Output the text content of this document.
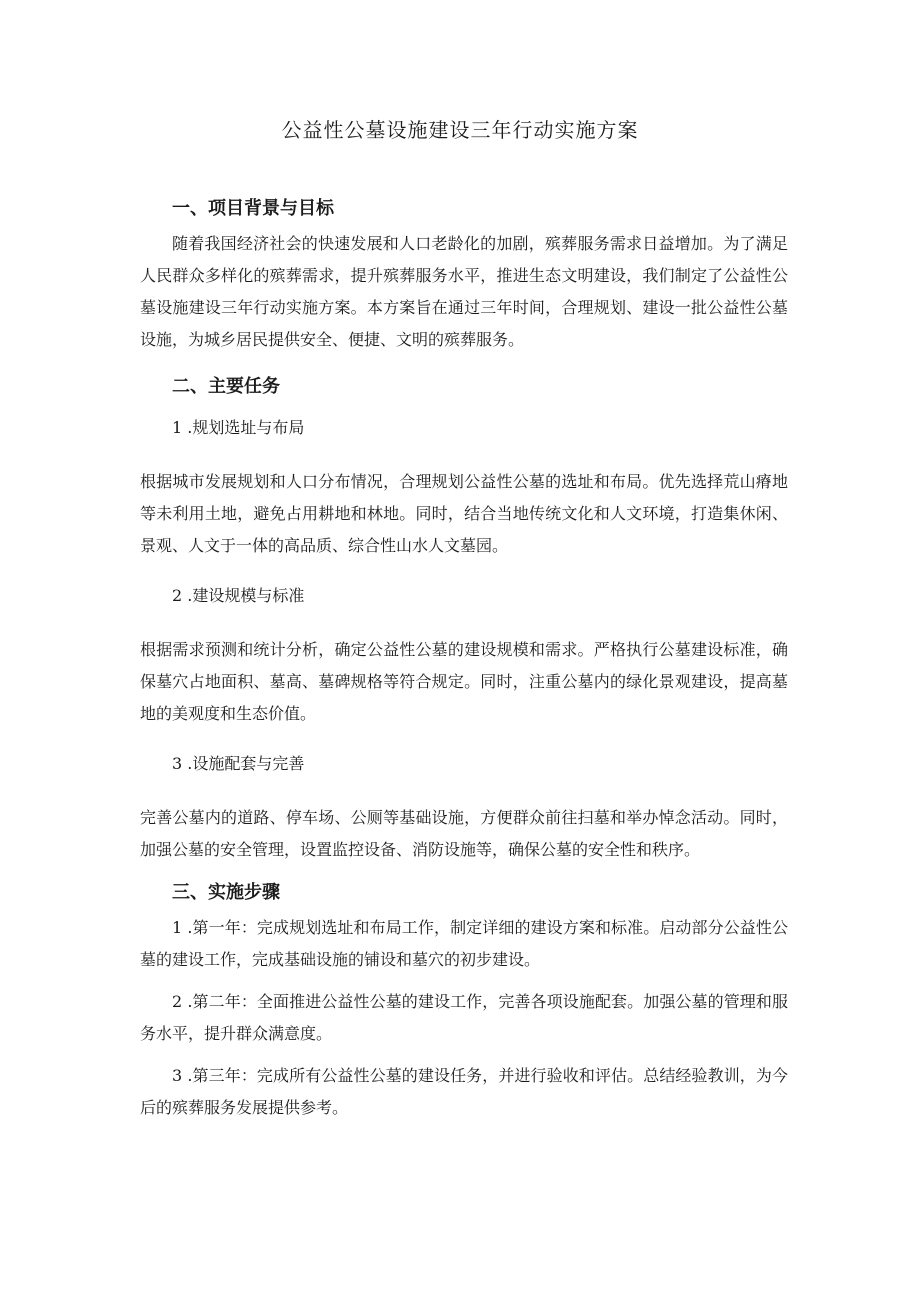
公益性公墓设施建设三年行动实施方案
一、项目背景与目标
随着我国经济社会的快速发展和人口老龄化的加剧，殡葬服务需求日益增加。为了满足人民群众多样化的殡葬需求，提升殡葬服务水平，推进生态文明建设，我们制定了公益性公墓设施建设三年行动实施方案。本方案旨在通过三年时间，合理规划、建设一批公益性公墓设施，为城乡居民提供安全、便捷、文明的殡葬服务。
二、主要任务
1 .规划选址与布局
根据城市发展规划和人口分布情况，合理规划公益性公墓的选址和布局。优先选择荒山瘠地等未利用土地，避免占用耕地和林地。同时，结合当地传统文化和人文环境，打造集休闲、景观、人文于一体的高品质、综合性山水人文墓园。
2 .建设规模与标准
根据需求预测和统计分析，确定公益性公墓的建设规模和需求。严格执行公墓建设标准，确保墓穴占地面积、墓高、墓碑规格等符合规定。同时，注重公墓内的绿化景观建设，提高墓地的美观度和生态价值。
3 .设施配套与完善
完善公墓内的道路、停车场、公厕等基础设施，方便群众前往扫墓和举办悼念活动。同时，加强公墓的安全管理，设置监控设备、消防设施等，确保公墓的安全性和秩序。
三、实施步骤
1 .第一年：完成规划选址和布局工作，制定详细的建设方案和标准。启动部分公益性公墓的建设工作，完成基础设施的铺设和墓穴的初步建设。
2 .第二年：全面推进公益性公墓的建设工作，完善各项设施配套。加强公墓的管理和服务水平，提升群众满意度。
3 .第三年：完成所有公益性公墓的建设任务，并进行验收和评估。总结经验教训，为今后的殡葬服务发展提供参考。
